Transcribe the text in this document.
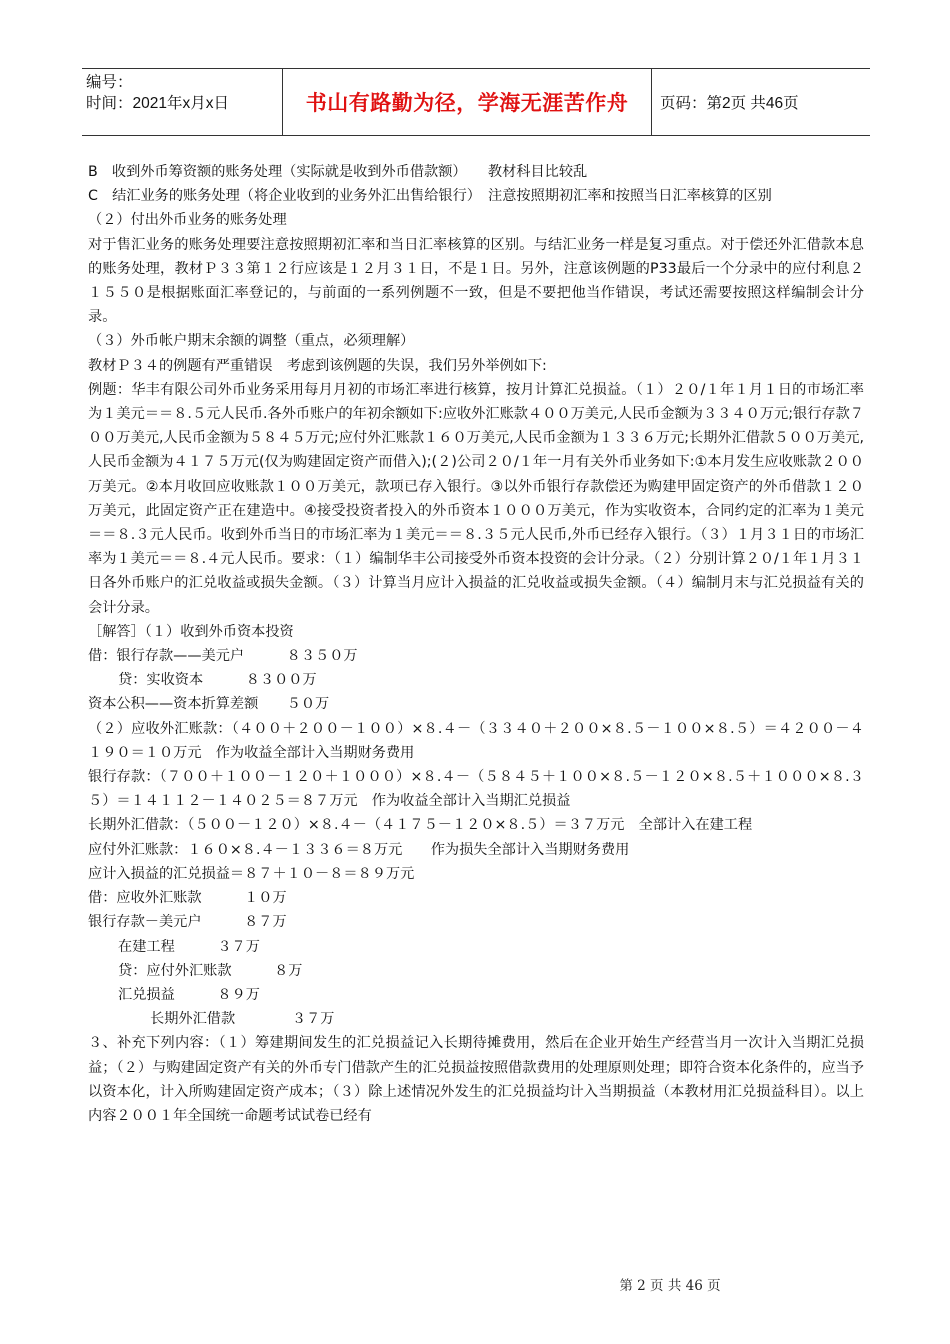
编号：
时间：2021年x月x日	书山有路勤为径，学海无涯苦作舟	页码：第2页 共46页

B　收到外币筹资额的账务处理（实际就是收到外币借款额）　　教材科目比较乱

C　结汇业务的账务处理（将企业收到的业务外汇出售给银行）　注意按照期初汇率和按照当日汇率核算的区别

（２）付出外币业务的账务处理

对于售汇业务的账务处理要注意按照期初汇率和当日汇率核算的区别。与结汇业务一样是复习重点。对于偿还外汇借款本息的账务处理，教材Ｐ３３第１２行应该是１２月３１日，不是１日。另外，注意该例题的P33最后一个分录中的应付利息２１５５０是根据账面汇率登记的，与前面的一系列例题不一致，但是不要把他当作错误，考试还需要按照这样编制会计分录。

（３）外币帐户期末余额的调整（重点，必须理解）

教材Ｐ３４的例题有严重错误　考虑到该例题的失误，我们另外举例如下:

例题：华丰有限公司外币业务采用每月月初的市场汇率进行核算，按月计算汇兑损益。（１）２０/１年１月１日的市场汇率为１美元＝＝８.５元人民币.各外币账户的年初余额如下:应收外汇账款４００万美元,人民币金额为３３４０万元;银行存款７００万美元,人民币金额为５８４５万元;应付外汇账款１６０万美元,人民币金额为１３３６万元;长期外汇借款５００万美元,人民币金额为４１７５万元(仅为购建固定资产而借入);(２)公司２０/１年一月有关外币业务如下:①本月发生应收账款２００万美元。②本月收回应收账款１００万美元，款项已存入银行。③以外币银行存款偿还为购建甲固定资产的外币借款１２０万美元，此固定资产正在建造中。④接受投资者投入的外币资本１０００万美元，作为实收资本，合同约定的汇率为１美元＝＝８.３元人民币。收到外币当日的市场汇率为１美元＝＝８.３５元人民币,外币已经存入银行。（３）１月３１日的市场汇率为１美元＝＝８.４元人民币。要求：（１）编制华丰公司接受外币资本投资的会计分录。（２）分别计算２０/１年１月３１日各外币账户的汇兑收益或损失金额。（３）计算当月应计入损益的汇兑收益或损失金额。（４）编制月末与汇兑损益有关的会计分录。

［解答］（１）收到外币资本投资

借：银行存款——美元户　　　８３５０万

贷：实收资本　　　８３００万

资本公积——资本折算差额　　５０万

（２）应收外汇账款：（４００＋２００－１００）×８.４－（３３４０＋２００×８.５－１００×８.５）＝４２００－４１９０＝１０万元　作为收益全部计入当期财务费用

银行存款：（７００＋１００－１２０＋１０００）×８.４－（５８４５＋１００×８.５－１２０×８.５＋１０００×８.３５）＝１４１１２－１４０２５＝８７万元　作为收益全部计入当期汇兑损益

长期外汇借款：（５００－１２０）×８.４－（４１７５－１２０×８.５）＝３７万元　全部计入在建工程

应付外汇账款：１６０×８.４－１３３６＝８万元　　作为损失全部计入当期财务费用

应计入损益的汇兑损益＝８７＋１０－８＝８９万元

借：应收外汇账款　　　１０万

银行存款－美元户　　　８７万

在建工程　　　３７万

贷：应付外汇账款　　　８万

汇兑损益　　　８９万

长期外汇借款　　　　３７万

３、补充下列内容：（１）筹建期间发生的汇兑损益记入长期待摊费用，然后在企业开始生产经营当月一次计入当期汇兑损益；（２）与购建固定资产有关的外币专门借款产生的汇兑损益按照借款费用的处理原则处理；即符合资本化条件的，应当予以资本化，计入所购建固定资产成本；（３）除上述情况外发生的汇兑损益均计入当期损益（本教材用汇兑损益科目）。以上内容２００１年全国统一命题考试试卷已经有

第 2 页 共 46 页
